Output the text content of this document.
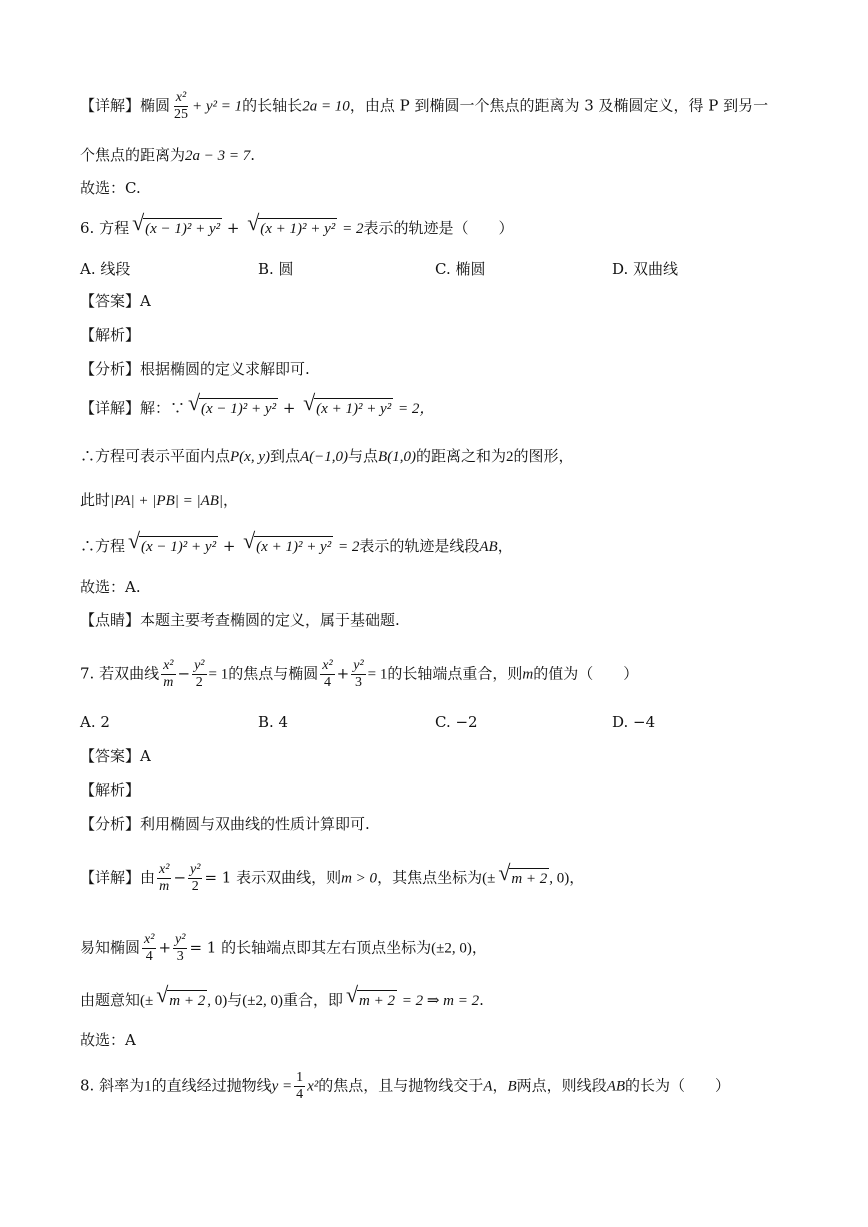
【详解】椭圆 $\frac{\text{x²}}{25} + y^2 = 1$的长轴长2a = 10，由点 P 到椭圆一个焦点的距离为 3 及椭圆定义，得 P 到另一
个焦点的距离为2a − 3 = 7.
故选：C.
6. 方程 √ (x − 1)² + y² + √ (x + 1)² + y² = 2表示的轨迹是（　　）
A. 线段	B. 圆	C. 椭圆	D. 双曲线
【答案】A
【解析】
【分析】根据椭圆的定义求解即可.
【详解】解：∵ √ (x − 1)² + y² + √ (x + 1)² + y² = 2，
∴方程可表示平面内点P(x, y)到点A(−1,0)与点B(1,0)的距离之和为2的图形，
此时|PA| + |PB| = |AB|，
∴方程 √ (x − 1)² + y² + √ (x + 1)² + y² = 2表示的轨迹是线段AB，
故选：A.
【点睛】本题主要考查椭圆的定义，属于基础题.
7. 若双曲线 $\frac{\text{x²}}{m} - \frac{\text{y²}}{2} = 1$的焦点与椭圆 $\frac{\text{x²}}{4} + \frac{\text{y²}}{3} = 1$的长轴端点重合，则m的值为（　　）
A. 2	B. 4	C. −2	D. −4
【答案】A
【解析】
【分析】利用椭圆与双曲线的性质计算即可.
【详解】由 $\frac{\text{x²}}{m} - \frac{\text{y²}}{2} = 1$ 表示双曲线，则m > 0，其焦点坐标为(± √ m + 2 , 0)，
易知椭圆 $\frac{\text{x²}}{4} + \frac{\text{y²}}{3} = 1$ 的长轴端点即其左右顶点坐标为(±2, 0)，
由题意知(± √ m + 2 , 0)与(±2, 0)重合，即 √ m + 2 = 2 ⇒ m = 2.
故选：A
8. 斜率为1的直线经过抛物线$y = \frac{1}{4} x^2$的焦点，且与抛物线交于A，B两点，则线段AB的长为（　　）
